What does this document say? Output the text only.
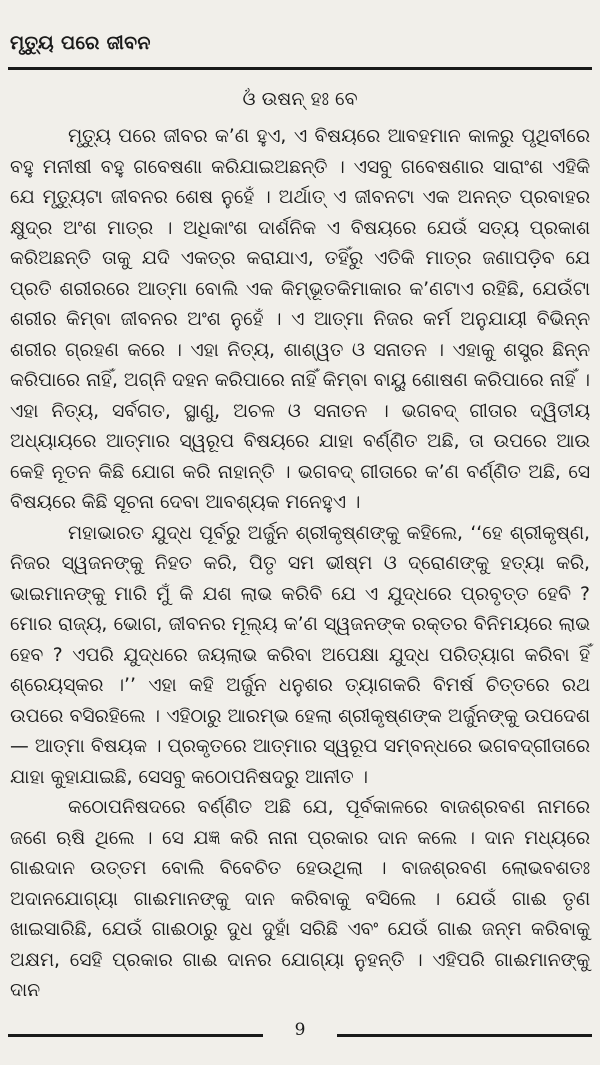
ମୃତ୍ୟୁ ପରେ ଜୀବନ
ଓଁ ଉଷନ୍ ହଃ ବେ

ମୃତ୍ୟୁ ପରେ ଜୀବର କ’ଣ ହୁଏ, ଏ ବିଷୟରେ ଆବହମାନ କାଳରୁ ପୃଥିବୀରେ ବହୁ ମନୀଷୀ ବହୁ ଗବେଷଣା କରିଯାଇଅଛନ୍ତି । ଏସବୁ ଗବେଷଣାର ସାରାଂଶ ଏହିକି ଯେ ମୃତ୍ୟୁଟା ଜୀବନର ଶେଷ ନୁହେଁ । ଅର୍ଥାତ୍ ଏ ଜୀବନଟା ଏକ ଅନନ୍ତ ପ୍ରବାହର କ୍ଷୁଦ୍ର ଅଂଶ ମାତ୍ର । ଅଧିକାଂଶ ଦାର୍ଶନିକ ଏ ବିଷୟରେ ଯେଉଁ ସତ୍ୟ ପ୍ରକାଶ କରିଅଛନ୍ତି ତାକୁ ଯଦି ଏକତ୍ର କରାଯାଏ, ତହିଁରୁ ଏତିକି ମାତ୍ର ଜଣାପଡ଼ିବ ଯେ ପ୍ରତି ଶରୀରରେ ଆତ୍ମା ବୋଲି ଏକ କିମ୍ଭୂତକିମାକାର କ’ଣଟାଏ ରହିଛି, ଯେଉଁଟା ଶରୀର କିମ୍ବା ଜୀବନର ଅଂଶ ନୁହେଁ । ଏ ଆତ୍ମା ନିଜର କର୍ମ ଅନୁଯାୟୀ ବିଭିନ୍ନ ଶରୀର ଗ୍ରହଣ କରେ । ଏହା ନିତ୍ୟ, ଶାଶ୍ୱତ ଓ ସନାତନ । ଏହାକୁ ଶସ୍ତ୍ର ଛିନ୍ନ କରିପାରେ ନାହିଁ, ଅଗ୍ନି ଦହନ କରିପାରେ ନାହିଁ କିମ୍ବା ବାୟୁ ଶୋଷଣ କରିପାରେ ନାହିଁ । ଏହା ନିତ୍ୟ, ସର୍ବଗତ, ସ୍ଥାଣୁ, ଅଚଳ ଓ ସନାତନ । ଭଗବଦ୍ ଗୀତାର ଦ୍ୱିତୀୟ ଅଧ୍ୟାୟରେ ଆତ୍ମାର ସ୍ୱରୂପ ବିଷୟରେ ଯାହା ବର୍ଣ୍ଣିତ ଅଛି, ତା ଉପରେ ଆଉ କେହି ନୂତନ କିଛି ଯୋଗ କରି ନାହାନ୍ତି । ଭଗବଦ୍ ଗୀତାରେ କ’ଣ ବର୍ଣ୍ଣିତ ଅଛି, ସେ ବିଷୟରେ କିଛି ସୂଚନା ଦେବା ଆବଶ୍ୟକ ମନେହୁଏ ।

ମହାଭାରତ ଯୁଦ୍ଧ ପୂର୍ବରୁ ଅର୍ଜୁନ ଶ୍ରୀକୃଷ୍ଣଙ୍କୁ କହିଲେ, ‘‘ହେ ଶ୍ରୀକୃଷ୍ଣ, ନିଜର ସ୍ୱଜନଙ୍କୁ ନିହତ କରି, ପିତୃ ସମ ଭୀଷ୍ମ ଓ ଦ୍ରୋଣଙ୍କୁ ହତ୍ୟା କରି, ଭାଇମାନଙ୍କୁ ମାରି ମୁଁ କି ଯଶ ଲାଭ କରିବି ଯେ ଏ ଯୁଦ୍ଧରେ ପ୍ରବୃତ୍ତ ହେବି ? ମୋର ରାଜ୍ୟ, ଭୋଗ, ଜୀବନର ମୂଲ୍ୟ କ’ଣ ସ୍ୱଜନଙ୍କ ରକ୍ତର ବିନିମୟରେ ଲାଭ ହେବ ? ଏପରି ଯୁଦ୍ଧରେ ଜୟଲାଭ କରିବା ଅପେକ୍ଷା ଯୁଦ୍ଧ ପରିତ୍ୟାଗ କରିବା ହିଁ ଶ୍ରେୟସ୍କର ।’’ ଏହା କହି ଅର୍ଜୁନ ଧନୁଶର ତ୍ୟାଗକରି ବିମର୍ଷ ଚିତ୍ତରେ ରଥ ଉପରେ ବସିରହିଲେ । ଏହିଠାରୁ ଆରମ୍ଭ ହେଲା ଶ୍ରୀକୃଷ୍ଣଙ୍କ ଅର୍ଜୁନଙ୍କୁ ଉପଦେଶ — ଆତ୍ମା ବିଷୟକ । ପ୍ରକୃତରେ ଆତ୍ମାର ସ୍ୱରୂପ ସମ୍ବନ୍ଧରେ ଭଗବଦ୍‌ଗୀତାରେ ଯାହା କୁହାଯାଇଛି, ସେସବୁ କଠୋପନିଷଦରୁ ଆନୀତ ।

କଠୋପନିଷଦରେ ବର୍ଣ୍ଣିତ ଅଛି ଯେ, ପୂର୍ବକାଳରେ ବାଜଶ୍ରବଣ ନାମରେ ଜଣେ ଋଷି ଥିଲେ । ସେ ଯଜ୍ଞ କରି ନାନା ପ୍ରକାର ଦାନ କଲେ । ଦାନ ମଧ୍ୟରେ ଗାଈଦାନ ଉତ୍ତମ ବୋଲି ବିବେଚିତ ହେଉଥିଲା । ବାଜଶ୍ରବଣ ଲୋଭବଶତଃ ଅଦାନଯୋଗ୍ୟା ଗାଈମାନଙ୍କୁ ଦାନ କରିବାକୁ ବସିଲେ । ଯେଉଁ ଗାଈ ତୃଣ ଖାଇସାରିଛି, ଯେଉଁ ଗାଈଠାରୁ ଦୁଧ ଦୁହାଁ ସରିଛି ଏବଂ ଯେଉଁ ଗାଈ ଜନ୍ମ କରିବାକୁ ଅକ୍ଷମ, ସେହି ପ୍ରକାର ଗାଈ ଦାନର ଯୋଗ୍ୟା ନୁହନ୍ତି । ଏହିପରି ଗାଈମାନଙ୍କୁ ଦାନ

9
